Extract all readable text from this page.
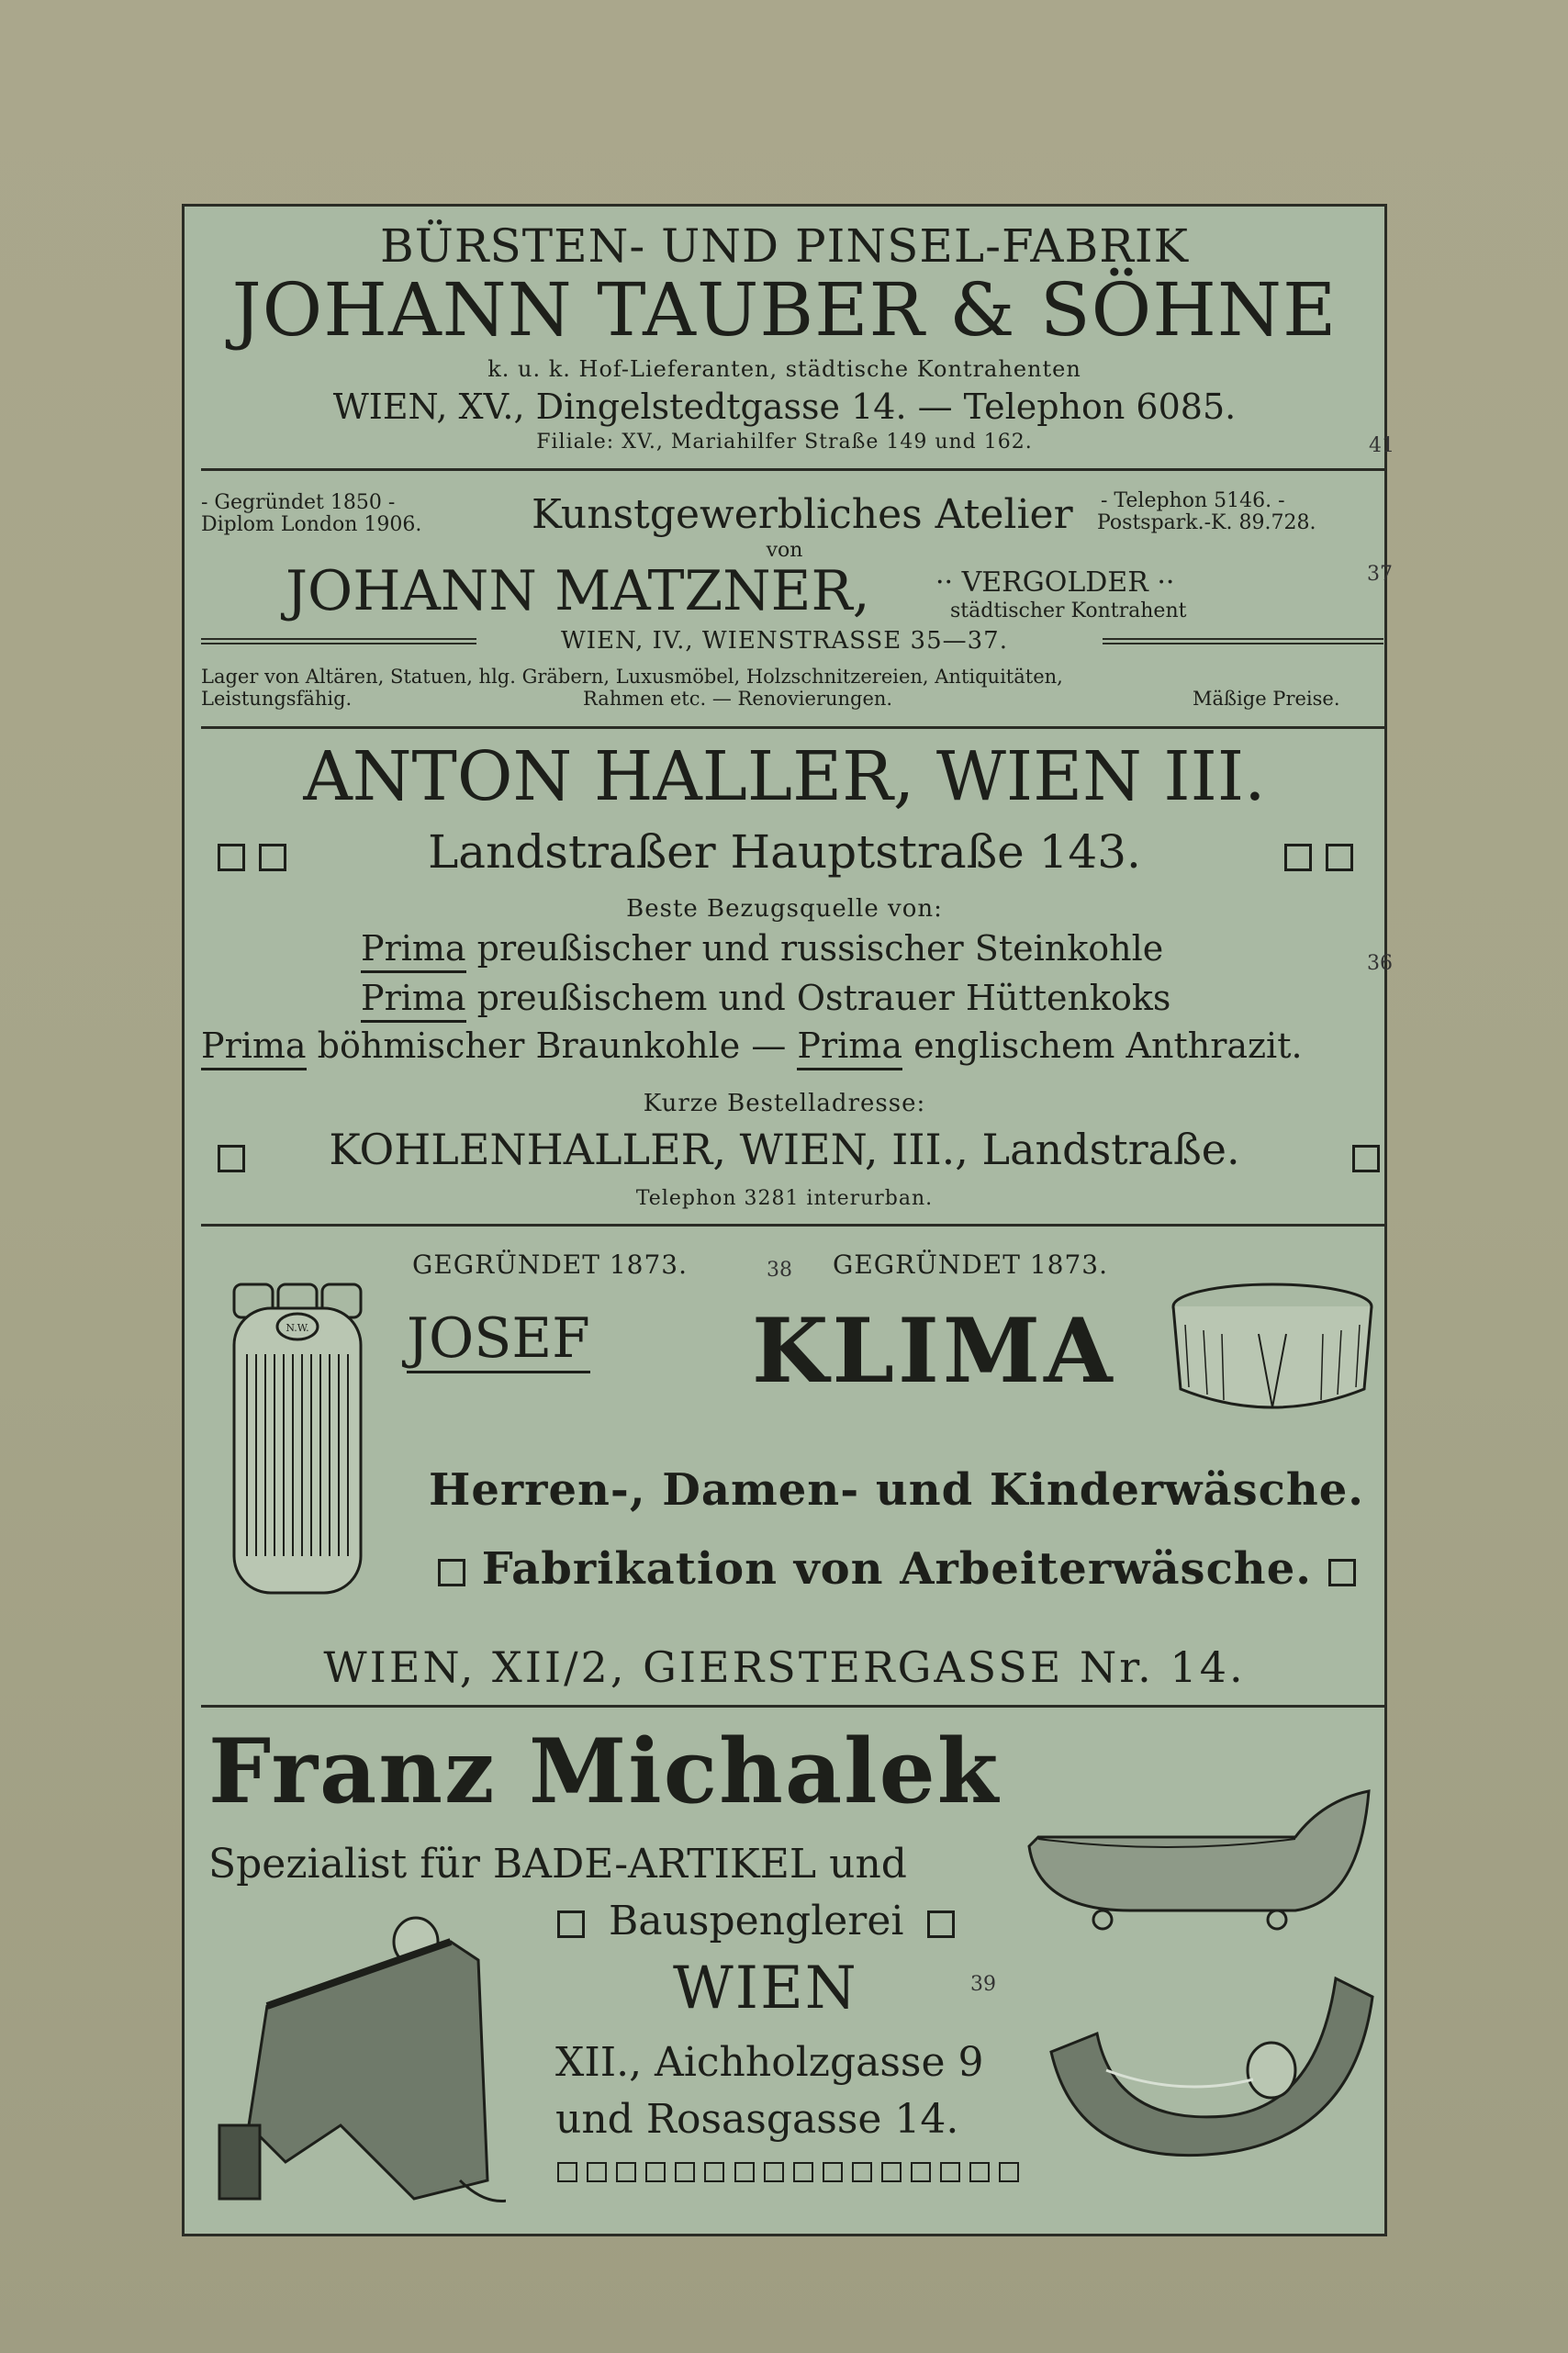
BÜRSTEN- UND PINSEL-FABRIK
JOHANN TAUBER & SÖHNE
k. u. k. Hof-Lieferanten, städtische Kontrahenten
WIEN, XV., Dingelstedtgasse 14. — Telephon 6085.
Filiale: XV., Mariahilfer Straße 149 und 162.	41
- Gegründet 1850 -
Diplom London 1906.	Kunstgewerbliches Atelier - Telephon 5146. -
Postspark.-K. 89.728.
von
JOHANN MATZNER, ·· VERGOLDER ··
städtischer Kontrahent
37
WIEN, IV., WIENSTRASSE 35—37.
Lager von Altären, Statuen, hlg. Gräbern, Luxusmöbel, Holzschnitzereien, Antiquitäten,
Leistungsfähig.	Rahmen etc. — Renovierungen.	Mäßige Preise.
ANTON HALLER, WIEN III.

Landstraßer Hauptstraße 143.

Beste Bezugsquelle von:
Prima preußischer und russischer Steinkohle	36
Prima preußischem und Ostrauer Hüttenkoks
Prima böhmischer Braunkohle — Prima englischem Anthrazit.
Kurze Bestelladresse:
KOHLENHALLER, WIEN, III., Landstraße.
Telephon 3281 interurban.
N.W.
GEGRÜNDET 1873.	38 GEGRÜNDET 1873.
JOSEF KLIMA
Herren-, Damen- und Kinderwäsche.
Fabrikation von Arbeiterwäsche.
WIEN, XII/2, GIERSTERGASSE Nr. 14.
Franz Michalek
Spezialist für BADE-ARTIKEL und
Bauspenglerei
WIEN	39
XII., Aichholzgasse 9
und Rosasgasse 14.
